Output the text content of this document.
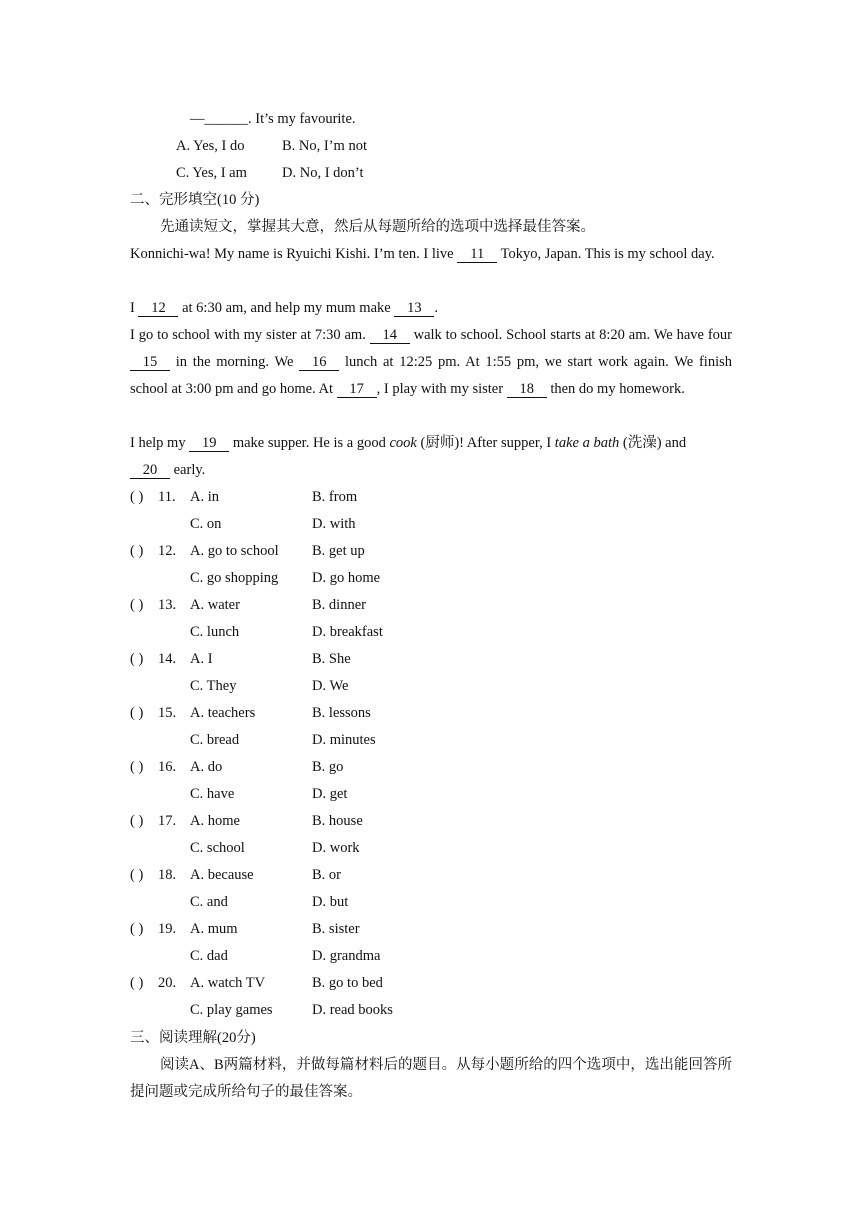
—______. It’s my favourite.
A. Yes, I do	B. No, I’m not
C. Yes, I am D. No, I don’t
二、完形填空(10 分)
先通读短文，掌握其大意，然后从每题所给的选项中选择最佳答案。
Konnichi-wa! My name is Ryuichi Kishi. I’m ten. I live 11 Tokyo, Japan. This is my school day.
I 12 at 6:30 am, and help my mum make 13 .
I go to school with my sister at 7:30 am. 14 walk to school. School starts at 8:20 am. We have four 15 in the morning. We 16 lunch at 12:25 pm. At 1:55 pm, we start work again. We finish school at 3:00 pm and go home. At 17 , I play with my sister 18 then do my homework.
I help my 19 make supper. He is a good cook (厨师)! After supper, I take a bath (洗澡) and
20 early.
( ) 11. A. in	B. from
C. on	D. with
( ) 12. A. go to school B. get up
C. go shopping D. go home
( ) 13. A. water	B. dinner
C. lunch	D. breakfast
( ) 14. A. I	B. She
C. They	D. We
( ) 15. A. teachers	B. lessons
C. bread	D. minutes
( ) 16. A. do	B. go
C. have	D. get
( ) 17. A. home	B. house
C. school	D. work
( ) 18. A. because	B. or
C. and	D. but
( ) 19. A. mum	B. sister
C. dad	D. grandma
( ) 20. A. watch TV	B. go to bed
C. play games	D. read books
三、阅读理解(20分)
阅读A、B两篇材料，并做每篇材料后的题目。从每小题所给的四个选项中，选出能回答所提问题或完成所给句子的最佳答案。
